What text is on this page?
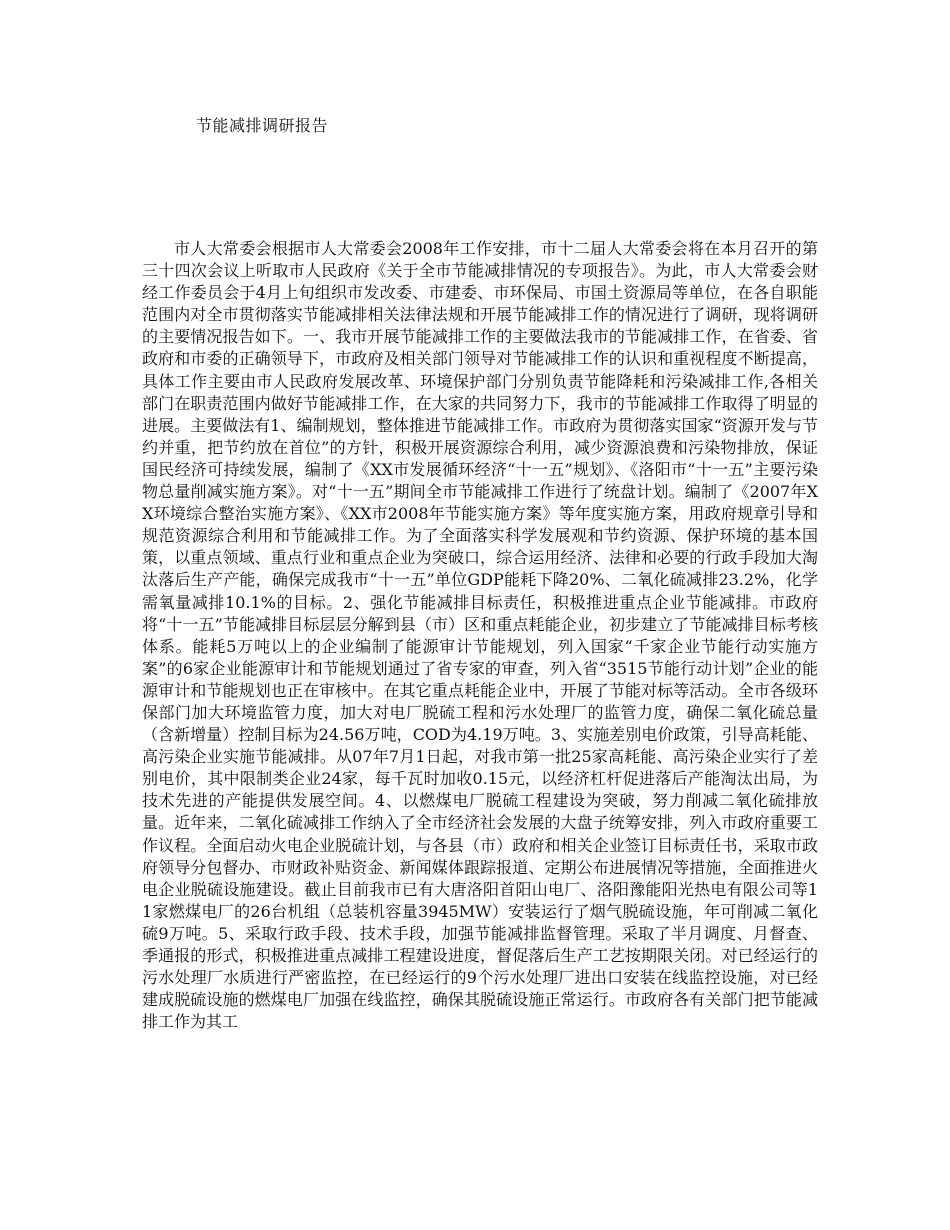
节能减排调研报告

市人大常委会根据市人大常委会2008年工作安排，市十二届人大常委会将在本月召开的第三十四次会议上听取市人民政府《关于全市节能减排情况的专项报告》。为此，市人大常委会财经工作委员会于4月上旬组织市发改委、市建委、市环保局、市国土资源局等单位，在各自职能范围内对全市贯彻落实节能减排相关法律法规和开展节能减排工作的情况进行了调研，现将调研的主要情况报告如下。一、我市开展节能减排工作的主要做法我市的节能减排工作，在省委、省政府和市委的正确领导下，市政府及相关部门领导对节能减排工作的认识和重视程度不断提高，具体工作主要由市人民政府发展改革、环境保护部门分别负责节能降耗和污染减排工作,各相关部门在职责范围内做好节能减排工作，在大家的共同努力下，我市的节能减排工作取得了明显的进展。主要做法有1、编制规划，整体推进节能减排工作。市政府为贯彻落实国家“资源开发与节约并重，把节约放在首位”的方针，积极开展资源综合利用，减少资源浪费和污染物排放，保证国民经济可持续发展，编制了《XX市发展循环经济“十一五”规划》、《洛阳市“十一五”主要污染物总量削减实施方案》。对“十一五”期间全市节能减排工作进行了统盘计划。编制了《2007年XX环境综合整治实施方案》、《XX市2008年节能实施方案》等年度实施方案，用政府规章引导和规范资源综合利用和节能减排工作。为了全面落实科学发展观和节约资源、保护环境的基本国策，以重点领域、重点行业和重点企业为突破口，综合运用经济、法律和必要的行政手段加大淘汰落后生产产能，确保完成我市“十一五”单位GDP能耗下降20%、二氧化硫减排23.2%，化学需氧量减排10.1%的目标。2、强化节能减排目标责任，积极推进重点企业节能减排。市政府将“十一五”节能减排目标层层分解到县（市）区和重点耗能企业，初步建立了节能减排目标考核体系。能耗5万吨以上的企业编制了能源审计节能规划，列入国家“千家企业节能行动实施方案”的6家企业能源审计和节能规划通过了省专家的审查，列入省“3515节能行动计划”企业的能源审计和节能规划也正在审核中。在其它重点耗能企业中，开展了节能对标等活动。全市各级环保部门加大环境监管力度，加大对电厂脱硫工程和污水处理厂的监管力度，确保二氧化硫总量（含新增量）控制目标为24.56万吨，COD为4.19万吨。3、实施差别电价政策，引导高耗能、高污染企业实施节能减排。从07年7月1日起，对我市第一批25家高耗能、高污染企业实行了差别电价，其中限制类企业24家，每千瓦时加收0.15元，以经济杠杆促进落后产能淘汰出局，为技术先进的产能提供发展空间。4、以燃煤电厂脱硫工程建设为突破，努力削减二氧化硫排放量。近年来，二氧化硫减排工作纳入了全市经济社会发展的大盘子统筹安排，列入市政府重要工作议程。全面启动火电企业脱硫计划，与各县（市）政府和相关企业签订目标责任书，采取市政府领导分包督办、市财政补贴资金、新闻媒体跟踪报道、定期公布进展情况等措施，全面推进火电企业脱硫设施建设。截止目前我市已有大唐洛阳首阳山电厂、洛阳豫能阳光热电有限公司等11家燃煤电厂的26台机组（总装机容量3945MW）安装运行了烟气脱硫设施，年可削减二氧化硫9万吨。5、采取行政手段、技术手段，加强节能减排监督管理。采取了半月调度、月督查、季通报的形式，积极推进重点减排工程建设进度，督促落后生产工艺按期限关闭。对已经运行的污水处理厂水质进行严密监控，在已经运行的9个污水处理厂进出口安装在线监控设施，对已经建成脱硫设施的燃煤电厂加强在线监控，确保其脱硫设施正常运行。市政府各有关部门把节能减排工作为其工
